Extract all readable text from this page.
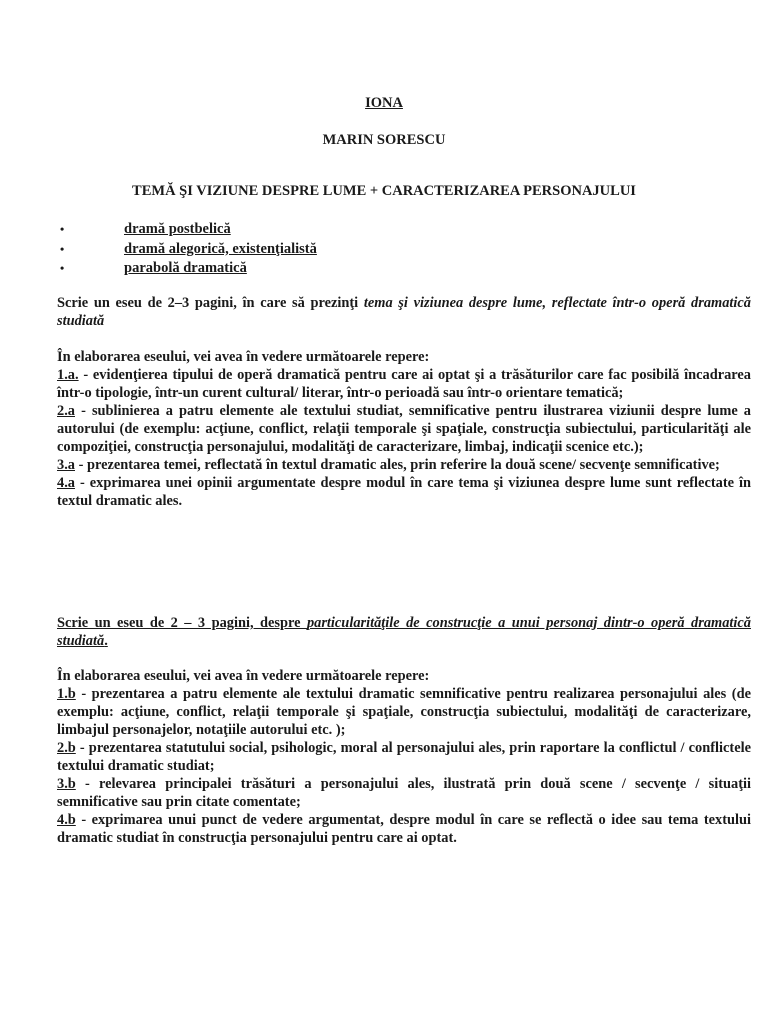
IONA

MARIN SORESCU

TEMĂ ŞI VIZIUNE DESPRE LUME + CARACTERIZAREA PERSONAJULUI

•	dramă postbelică
•	dramă alegorică, existenţialistă
•	parabolă dramatică

Scrie un eseu de 2–3 pagini, în care să prezinţi tema şi viziunea despre lume, reflectate într-o operă dramatică studiată

În elaborarea eseului, vei avea în vedere următoarele repere:

1.a. - evidenţierea tipului de operă dramatică pentru care ai optat şi a trăsăturilor care fac posibilă încadrarea într-o tipologie, într-un curent cultural/ literar, într-o perioadă sau într-o orientare tematică;

2.a - sublinierea a patru elemente ale textului studiat, semnificative pentru ilustrarea viziunii despre lume a autorului (de exemplu: acţiune, conflict, relaţii temporale şi spaţiale, construcţia subiectului, particularităţi ale compoziţiei, construcţia personajului, modalităţi de caracterizare, limbaj, indicaţii scenice etc.);

3.a - prezentarea temei, reflectată în textul dramatic ales, prin referire la două scene/ secvenţe semnificative;

4.a - exprimarea unei opinii argumentate despre modul în care tema şi viziunea despre lume sunt reflectate în textul dramatic ales.

Scrie un eseu de 2 – 3 pagini, despre particularităţile de construcţie a unui personaj dintr-o operă dramatică studiată.

În elaborarea eseului, vei avea în vedere următoarele repere:

1.b - prezentarea a patru elemente ale textului dramatic semnificative pentru realizarea personajului ales (de exemplu: acţiune, conflict, relaţii temporale şi spaţiale, construcţia subiectului, modalităţi de caracterizare, limbajul personajelor, notaţiile autorului etc. );

2.b - prezentarea statutului social, psihologic, moral al personajului ales, prin raportare la conflictul / conflictele textului dramatic studiat;

3.b - relevarea principalei trăsături a personajului ales, ilustrată prin două scene / secvenţe / situaţii semnificative sau prin citate comentate;

4.b - exprimarea unui punct de vedere argumentat, despre modul în care se reflectă o idee sau tema textului dramatic studiat în construcţia personajului pentru care ai optat.
